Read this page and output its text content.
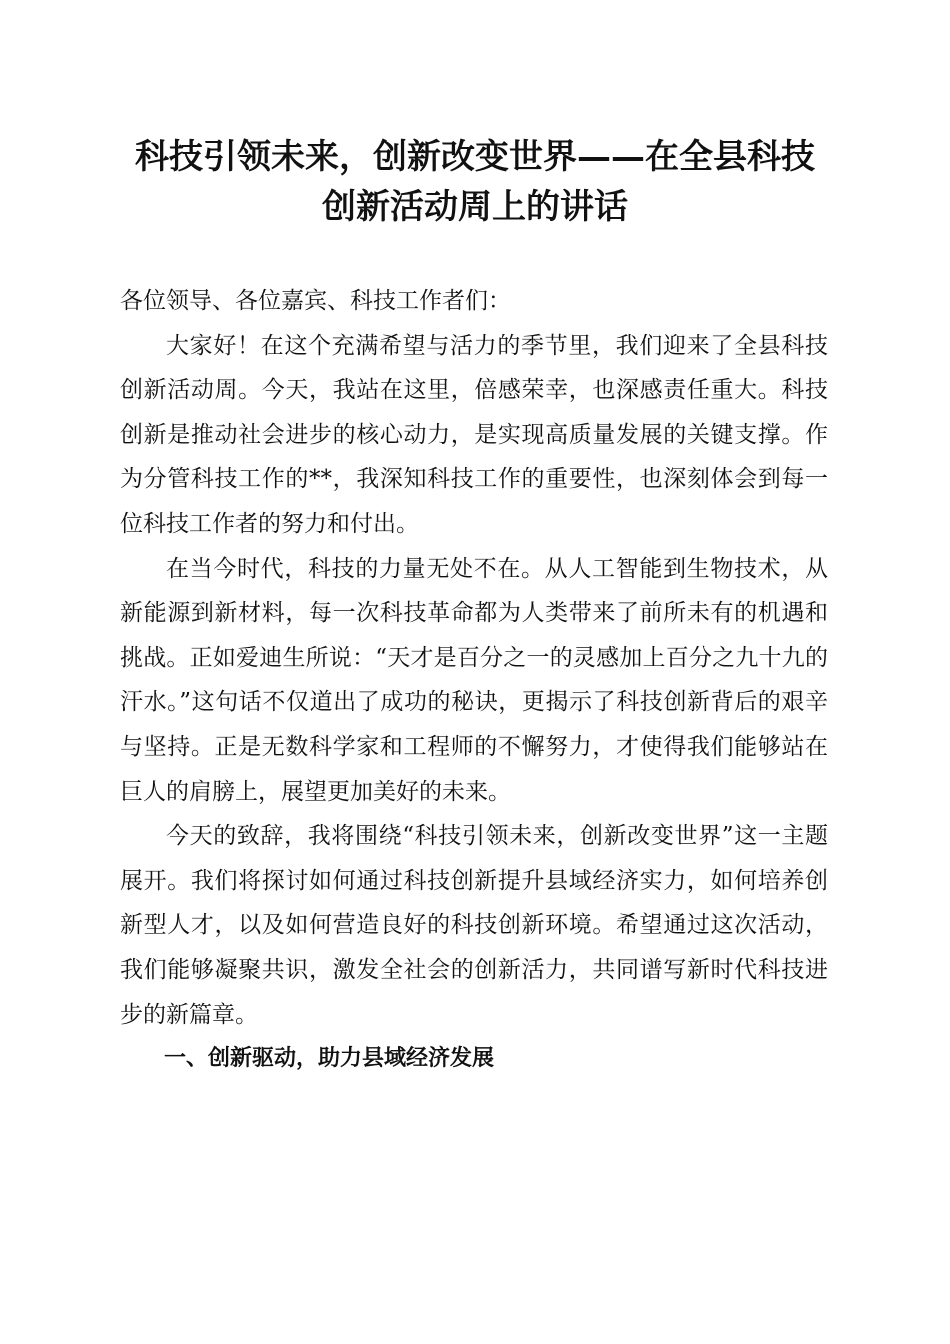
科技引领未来，创新改变世界——在全县科技
创新活动周上的讲话

各位领导、各位嘉宾、科技工作者们：

大家好！在这个充满希望与活力的季节里，我们迎来了全县科技创新活动周。今天，我站在这里，倍感荣幸，也深感责任重大。科技创新是推动社会进步的核心动力，是实现高质量发展的关键支撑。作为分管科技工作的**，我深知科技工作的重要性，也深刻体会到每一位科技工作者的努力和付出。

在当今时代，科技的力量无处不在。从人工智能到生物技术，从新能源到新材料，每一次科技革命都为人类带来了前所未有的机遇和挑战。正如爱迪生所说：“天才是百分之一的灵感加上百分之九十九的汗水。”这句话不仅道出了成功的秘诀，更揭示了科技创新背后的艰辛与坚持。正是无数科学家和工程师的不懈努力，才使得我们能够站在巨人的肩膀上，展望更加美好的未来。

今天的致辞，我将围绕“科技引领未来，创新改变世界”这一主题展开。我们将探讨如何通过科技创新提升县域经济实力，如何培养创新型人才，以及如何营造良好的科技创新环境。希望通过这次活动，我们能够凝聚共识，激发全社会的创新活力，共同谱写新时代科技进步的新篇章。

一、创新驱动，助力县域经济发展
